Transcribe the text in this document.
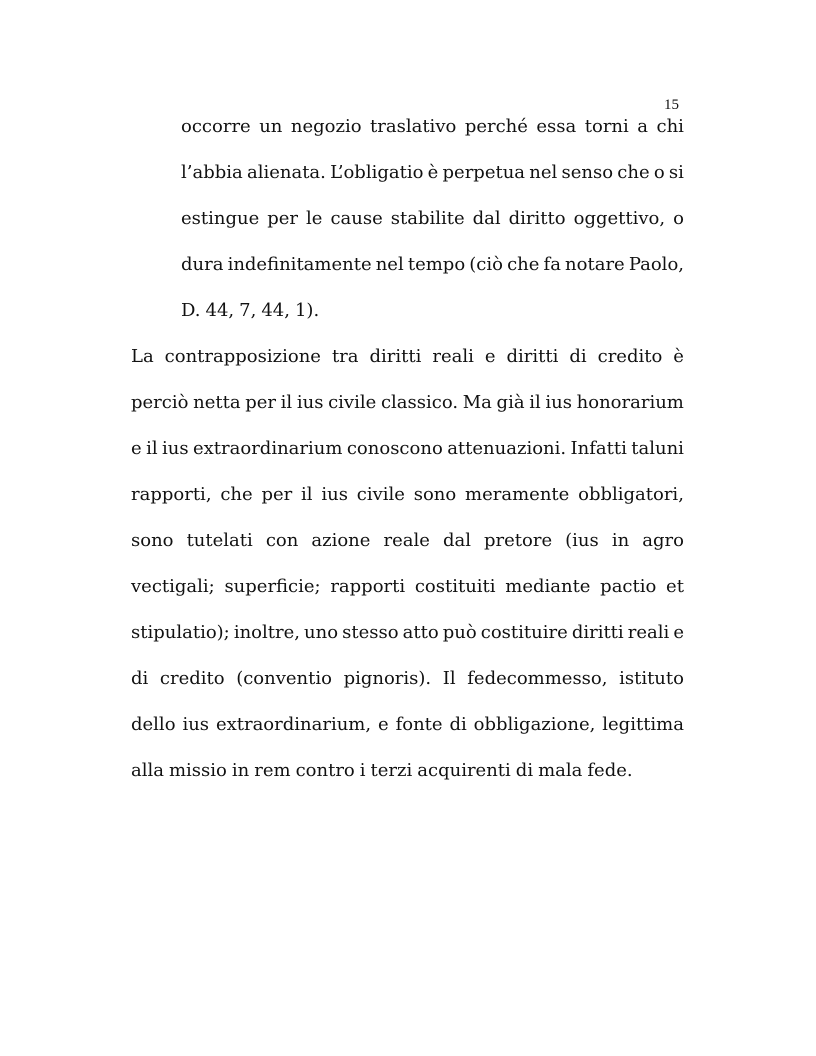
15
occorre un negozio traslativo perché essa torni a chi
l’abbia alienata. L’obligatio è perpetua nel senso che o si
estingue per le cause stabilite dal diritto oggettivo, o
dura indefinitamente nel tempo (ciò che fa notare Paolo,
D. 44, 7, 44, 1).
La contrapposizione tra diritti reali e diritti di credito è
perciò netta per il ius civile classico. Ma già il ius honorarium
e il ius extraordinarium conoscono attenuazioni. Infatti taluni
rapporti, che per il ius civile sono meramente obbligatori,
sono tutelati con azione reale dal pretore (ius in agro
vectigali; superficie; rapporti costituiti mediante pactio et
stipulatio); inoltre, uno stesso atto può costituire diritti reali e
di credito (conventio pignoris). Il fedecommesso, istituto
dello ius extraordinarium, e fonte di obbligazione, legittima
alla missio in rem contro i terzi acquirenti di mala fede.
